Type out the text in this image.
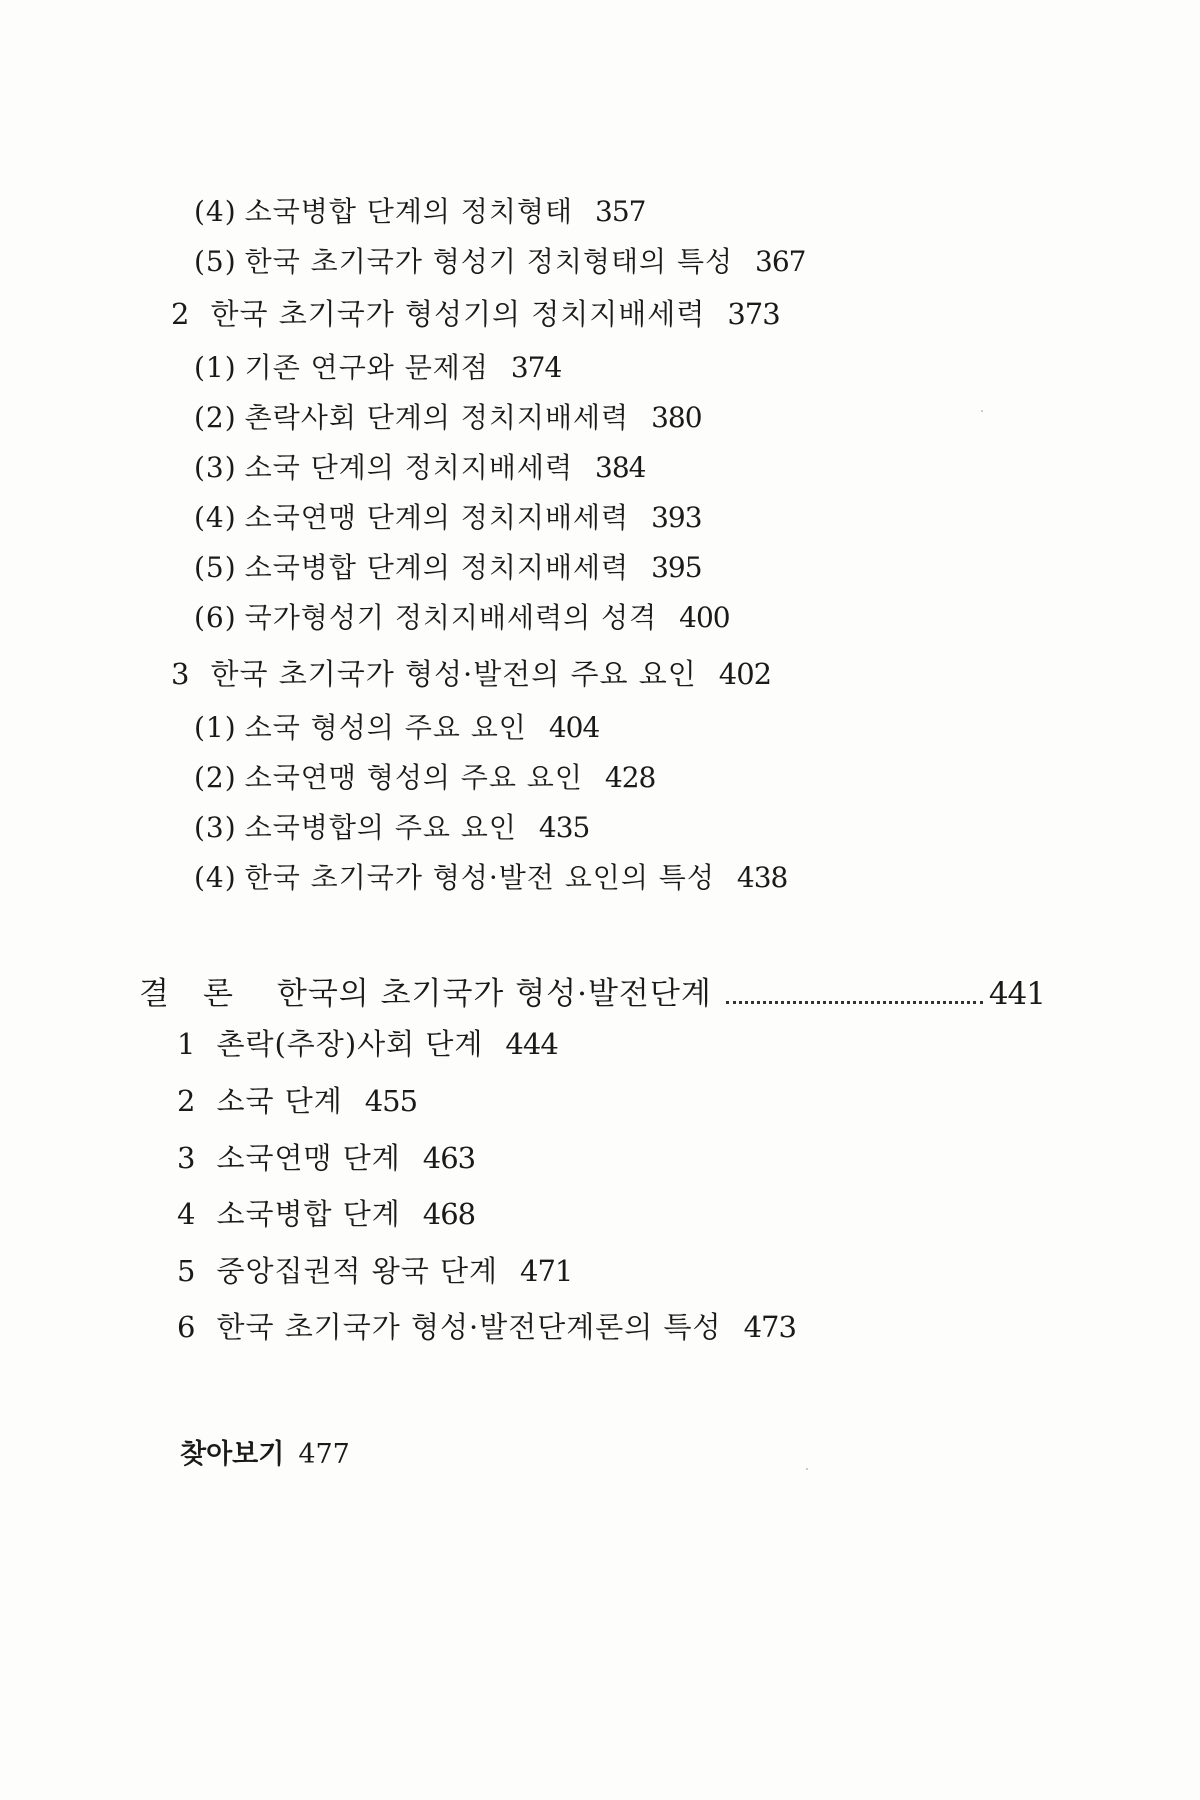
(4) 소국병합 단계의 정치형태 357
(5) 한국 초기국가 형성기 정치형태의 특성 367
2 한국 초기국가 형성기의 정치지배세력 373
(1) 기존 연구와 문제점 374
(2) 촌락사회 단계의 정치지배세력 380
(3) 소국 단계의 정치지배세력 384
(4) 소국연맹 단계의 정치지배세력 393
(5) 소국병합 단계의 정치지배세력 395
(6) 국가형성기 정치지배세력의 성격 400
3 한국 초기국가 형성·발전의 주요 요인 402
(1) 소국 형성의 주요 요인 404
(2) 소국연맹 형성의 주요 요인 428
(3) 소국병합의 주요 요인 435
(4) 한국 초기국가 형성·발전 요인의 특성 438
결론 한국의 초기국가 형성·발전단계	441
1 촌락(추장)사회 단계 444
2 소국 단계 455
3 소국연맹 단계 463
4 소국병합 단계 468
5 중앙집권적 왕국 단계 471
6 한국 초기국가 형성·발전단계론의 특성 473
찾아보기 477
